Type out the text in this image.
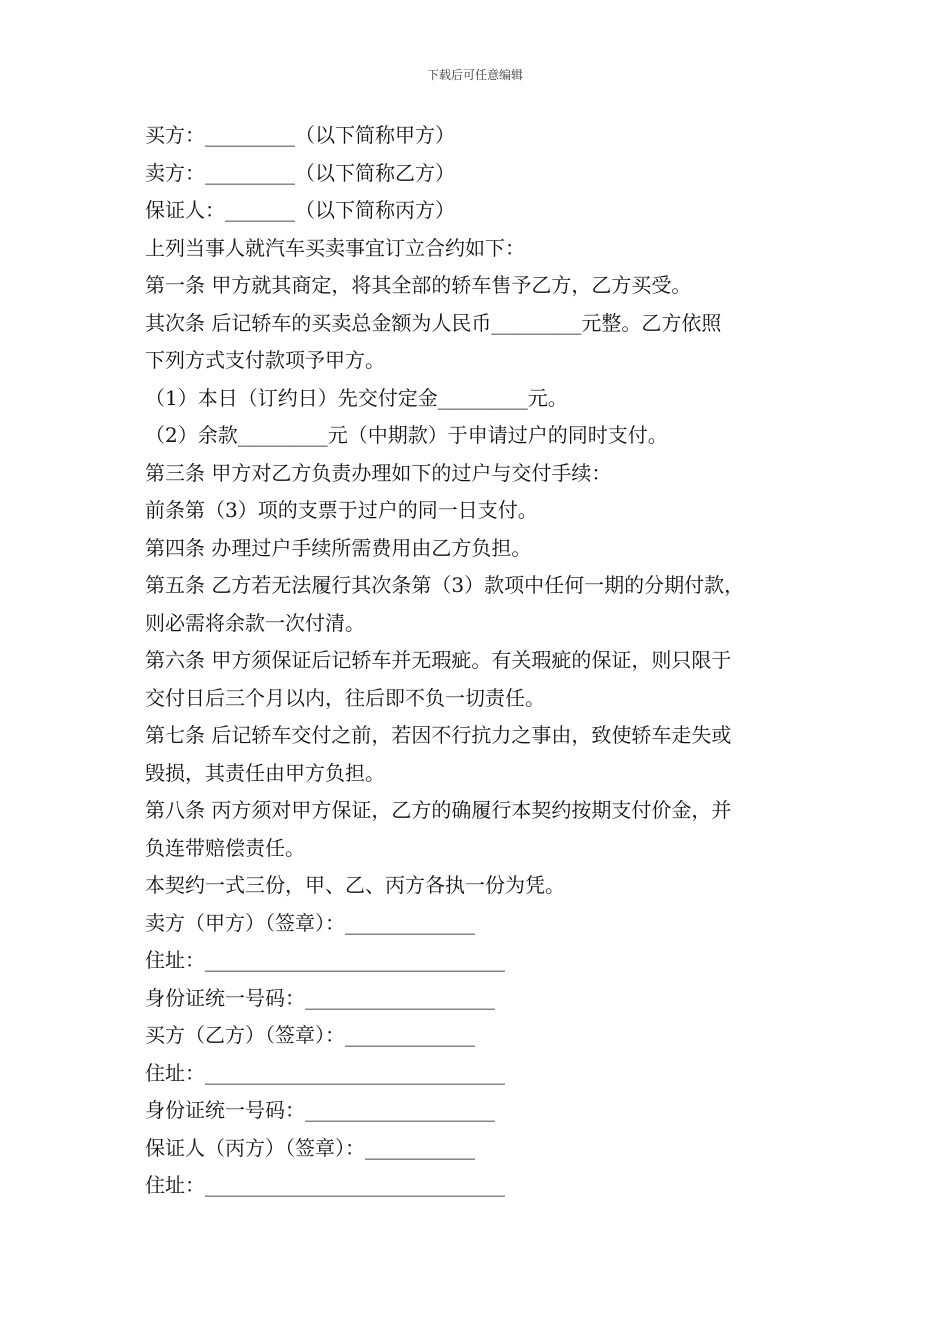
下载后可任意编辑
买方：_________（以下简称甲方）
卖方：_________（以下简称乙方）
保证人：_______（以下简称丙方）
上列当事人就汽车买卖事宜订立合约如下：
第一条 甲方就其商定，将其全部的轿车售予乙方，乙方买受。
其次条 后记轿车的买卖总金额为人民币_________元整。乙方依照
下列方式支付款项予甲方。
（1）本日（订约日）先交付定金_________元。
（2）余款_________元（中期款）于申请过户的同时支付。
第三条 甲方对乙方负责办理如下的过户与交付手续：
前条第（3）项的支票于过户的同一日支付。
第四条 办理过户手续所需费用由乙方负担。
第五条 乙方若无法履行其次条第（3）款项中任何一期的分期付款，
则必需将余款一次付清。
第六条 甲方须保证后记轿车并无瑕疵。有关瑕疵的保证，则只限于
交付日后三个月以内，往后即不负一切责任。
第七条 后记轿车交付之前，若因不行抗力之事由，致使轿车走失或
毁损，其责任由甲方负担。
第八条 丙方须对甲方保证，乙方的确履行本契约按期支付价金，并
负连带赔偿责任。
本契约一式三份，甲、乙、丙方各执一份为凭。
卖方（甲方）（签章）：_____________
住址：______________________________
身份证统一号码：___________________
买方（乙方）（签章）：_____________
住址：______________________________
身份证统一号码：___________________
保证人（丙方）（签章）：___________
住址：______________________________
